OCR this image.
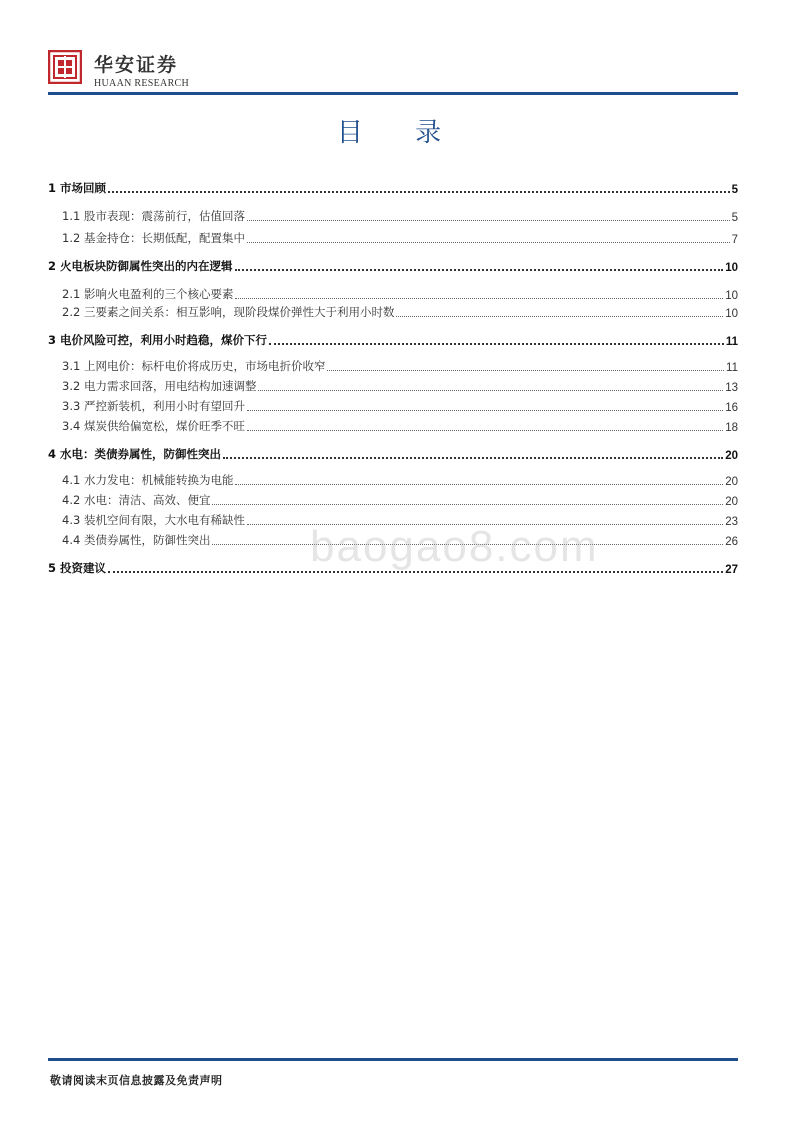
华安证券
HUAAN RESEARCH
目 录
1 市场回顾	5
1.1 股市表现：震荡前行，估值回落	5
1.2 基金持仓：长期低配，配置集中	7
2 火电板块防御属性突出的内在逻辑	10
2.1 影响火电盈利的三个核心要素	10
2.2 三要素之间关系：相互影响，现阶段煤价弹性大于利用小时数	10
3 电价风险可控，利用小时趋稳，煤价下行	11
3.1 上网电价：标杆电价将成历史，市场电折价收窄	11
3.2 电力需求回落，用电结构加速调整	13
3.3 严控新装机，利用小时有望回升	16
3.4 煤炭供给偏宽松，煤价旺季不旺	18
4 水电：类债券属性，防御性突出	20
4.1 水力发电：机械能转换为电能	20
4.2 水电：清洁、高效、便宜	20
4.3 装机空间有限，大水电有稀缺性	23
4.4 类债券属性，防御性突出	26
5 投资建议	27
baogao8.com
敬请阅读末页信息披露及免责声明
